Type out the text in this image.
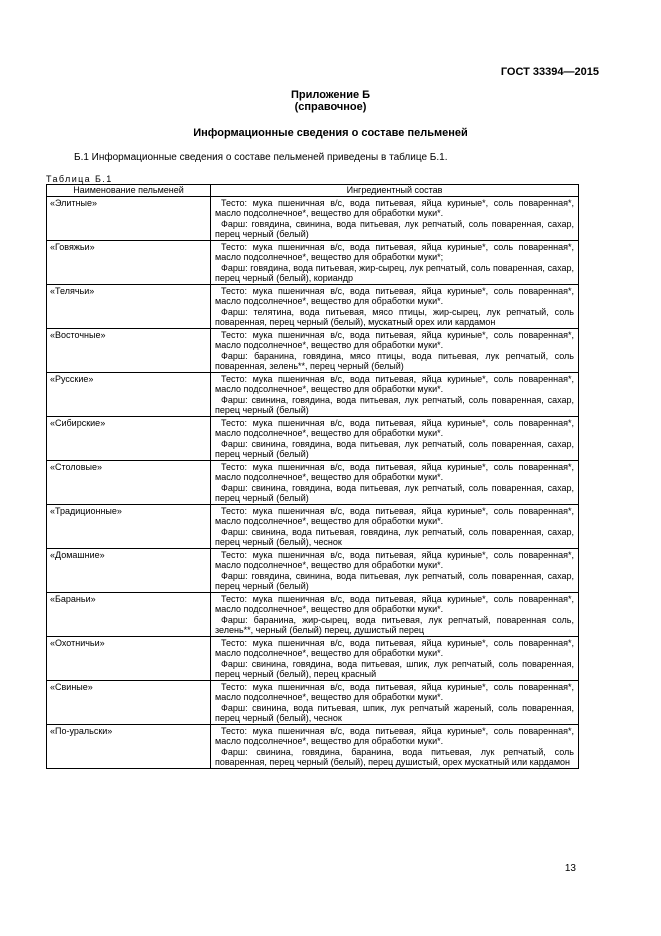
ГОСТ 33394—2015
Приложение Б
(справочное)
Информационные сведения о составе пельменей
Б.1 Информационные сведения о составе пельменей приведены в таблице Б.1.
Таблица Б.1
Наименование пельменей	Ингредиентный состав
«Элитные»	Тесто: мука пшеничная в/с, вода питьевая, яйца куриные*, соль поваренная*, масло подсолнечное*, вещество для обработки муки*.

Фарш: говядина, свинина, вода питьевая, лук репчатый, соль поваренная, сахар, перец черный (белый)

«Говяжьи»	Тесто: мука пшеничная в/с, вода питьевая, яйца куриные*, соль поваренная*, масло подсолнечное*, вещество для обработки муки*;

Фарш: говядина, вода питьевая, жир-сырец, лук репчатый, соль поваренная, сахар, перец черный (белый), кориандр

«Телячьи»	Тесто: мука пшеничная в/с, вода питьевая, яйца куриные*, соль поваренная*, масло подсолнечное*, вещество для обработки муки*.

Фарш: телятина, вода питьевая, мясо птицы, жир-сырец, лук репчатый, соль поваренная, перец черный (белый), мускатный орех или кардамон

«Восточные»	Тесто: мука пшеничная в/с, вода питьевая, яйца куриные*, соль поваренная*, масло подсолнечное*, вещество для обработки муки*.

Фарш: баранина, говядина, мясо птицы, вода питьевая, лук репчатый, соль поваренная, зелень**, перец черный (белый)

«Русские»	Тесто: мука пшеничная в/с, вода питьевая, яйца куриные*, соль поваренная*, масло подсолнечное*, вещество для обработки муки*.

Фарш: свинина, говядина, вода питьевая, лук репчатый, соль поваренная, сахар, перец черный (белый)

«Сибирские»	Тесто: мука пшеничная в/с, вода питьевая, яйца куриные*, соль поваренная*, масло подсолнечное*, вещество для обработки муки*.

Фарш: свинина, говядина, вода питьевая, лук репчатый, соль поваренная, сахар, перец черный (белый)

«Столовые»	Тесто: мука пшеничная в/с, вода питьевая, яйца куриные*, соль поваренная*, масло подсолнечное*, вещество для обработки муки*.

Фарш: свинина, говядина, вода питьевая, лук репчатый, соль поваренная, сахар, перец черный (белый)

«Традиционные»	Тесто: мука пшеничная в/с, вода питьевая, яйца куриные*, соль поваренная*, масло подсолнечное*, вещество для обработки муки*.

Фарш: свинина, вода питьевая, говядина, лук репчатый, соль поваренная, сахар, перец черный (белый), чеснок

«Домашние»	Тесто: мука пшеничная в/с, вода питьевая, яйца куриные*, соль поваренная*, масло подсолнечное*, вещество для обработки муки*.

Фарш: говядина, свинина, вода питьевая, лук репчатый, соль поваренная, сахар, перец черный (белый)

«Бараньи»	Тесто: мука пшеничная в/с, вода питьевая, яйца куриные*, соль поваренная*, масло подсолнечное*, вещество для обработки муки*.

Фарш: баранина, жир-сырец, вода питьевая, лук репчатый, поваренная соль, зелень**, черный (белый) перец, душистый перец

«Охотничьи»	Тесто: мука пшеничная в/с, вода питьевая, яйца куриные*, соль поваренная*, масло подсолнечное*, вещество для обработки муки*.

Фарш: свинина, говядина, вода питьевая, шпик, лук репчатый, соль поваренная, перец черный (белый), перец красный

«Свиные»	Тесто: мука пшеничная в/с, вода питьевая, яйца куриные*, соль поваренная*, масло подсолнечное*, вещество для обработки муки*.

Фарш: свинина, вода питьевая, шпик, лук репчатый жареный, соль поваренная, перец черный (белый), чеснок

«По-уральски»	Тесто: мука пшеничная в/с, вода питьевая, яйца куриные*, соль поваренная*, масло подсолнечное*, вещество для обработки муки*.

Фарш: свинина, говядина, баранина, вода питьевая, лук репчатый, соль поваренная, перец черный (белый), перец душистый, орех мускатный или кардамон

13
